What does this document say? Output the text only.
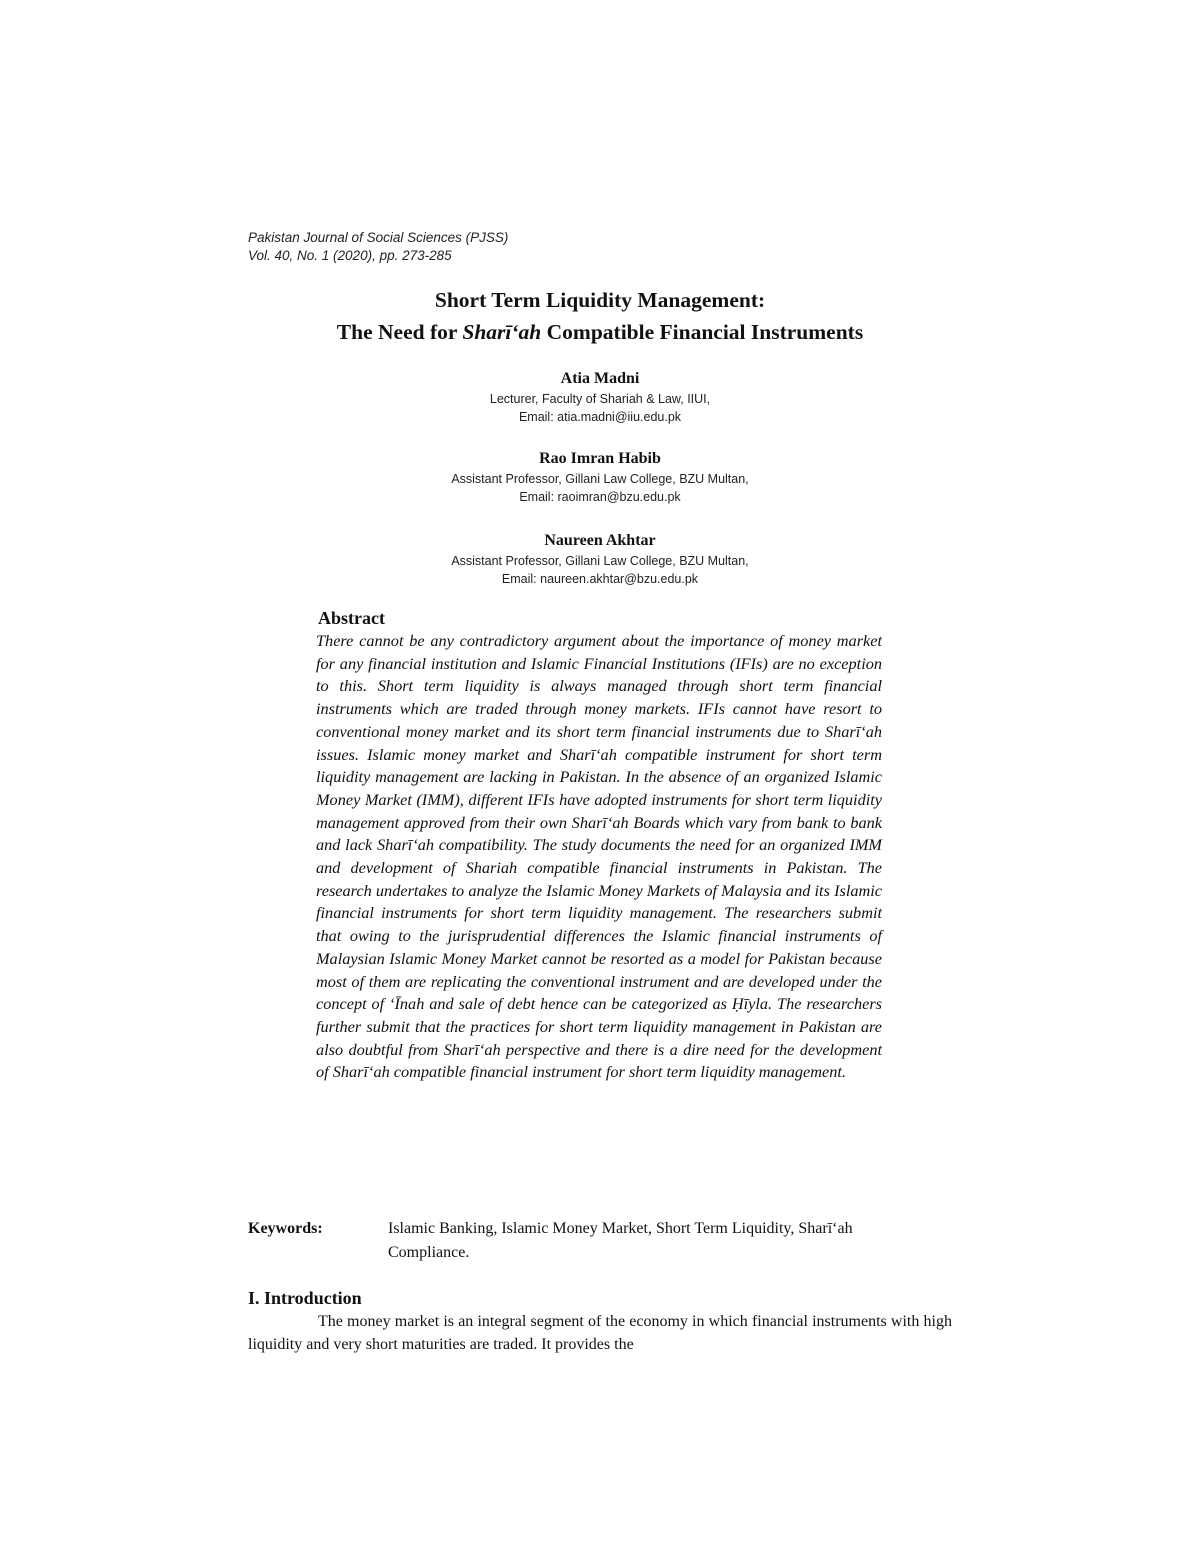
Pakistan Journal of Social Sciences (PJSS)
Vol. 40, No. 1 (2020), pp. 273-285
Short Term Liquidity Management:
The Need for Sharī‘ah Compatible Financial Instruments
Atia Madni
Lecturer, Faculty of Shariah & Law, IIUI,
Email: atia.madni@iiu.edu.pk
Rao Imran Habib
Assistant Professor, Gillani Law College, BZU Multan,
Email: raoimran@bzu.edu.pk
Naureen Akhtar
Assistant Professor, Gillani Law College, BZU Multan,
Email: naureen.akhtar@bzu.edu.pk
Abstract

There cannot be any contradictory argument about the importance of money market for any financial institution and Islamic Financial Institutions (IFIs) are no exception to this. Short term liquidity is always managed through short term financial instruments which are traded through money markets. IFIs cannot have resort to conventional money market and its short term financial instruments due to Sharī‘ah issues. Islamic money market and Sharī‘ah compatible instrument for short term liquidity management are lacking in Pakistan. In the absence of an organized Islamic Money Market (IMM), different IFIs have adopted instruments for short term liquidity management approved from their own Sharī‘ah Boards which vary from bank to bank and lack Sharī‘ah compatibility. The study documents the need for an organized IMM and development of Shariah compatible financial instruments in Pakistan. The research undertakes to analyze the Islamic Money Markets of Malaysia and its Islamic financial instruments for short term liquidity management. The researchers submit that owing to the jurisprudential differences the Islamic financial instruments of Malaysian Islamic Money Market cannot be resorted as a model for Pakistan because most of them are replicating the conventional instrument and are developed under the concept of ‘Īnah and sale of debt hence can be categorized as Ḥīyla. The researchers further submit that the practices for short term liquidity management in Pakistan are also doubtful from Sharī‘ah perspective and there is a dire need for the development of Sharī‘ah compatible financial instrument for short term liquidity management.

Keywords:	Islamic Banking, Islamic Money Market, Short Term Liquidity, Sharī‘ah Compliance.
I. Introduction

The money market is an integral segment of the economy in which financial instruments with high liquidity and very short maturities are traded. It provides the
